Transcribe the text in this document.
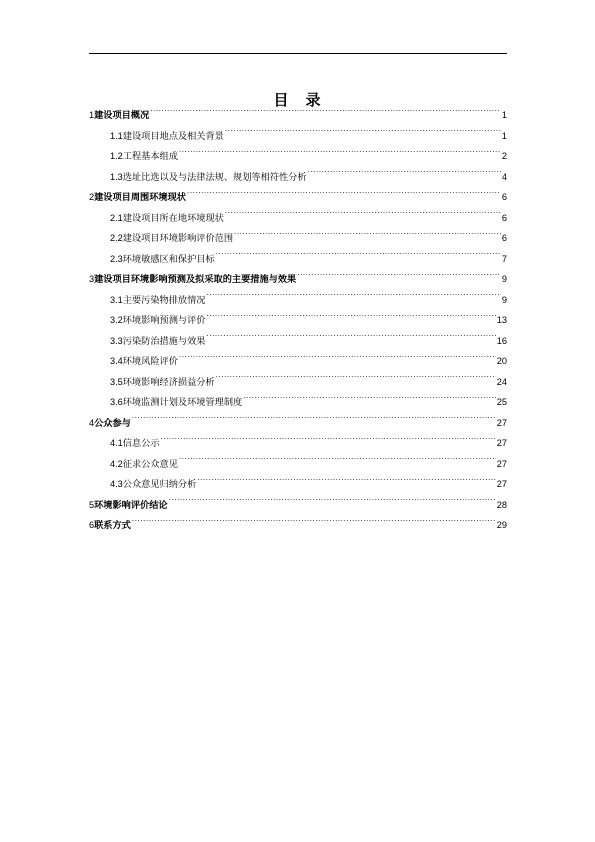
目　录
1 建设项目概况 .....	1
1.1 建设项目地点及相关背景 .....	1
1.2 工程基本组成 .....	2
1.3 选址比选以及与法律法规、规划等相符性分析 .....	4
2 建设项目周围环境现状 .....	6
2.1 建设项目所在地环境现状 .....	6
2.2 建设项目环境影响评价范围 .....	6
2.3 环境敏感区和保护目标 .....	7
3 建设项目环境影响预测及拟采取的主要措施与效果 .....	9
3.1 主要污染物排放情况 .....	9
3.2 环境影响预测与评价 .....	13
3.3 污染防治措施与效果 .....	16
3.4 环境风险评价 .....	20
3.5 环境影响经济损益分析 .....	24
3.6 环境监测计划及环境管理制度 .....	25
4 公众参与 .....	27
4.1 信息公示 .....	27
4.2 征求公众意见 .....	27
4.3 公众意见归纳分析 .....	27
5 环境影响评价结论 .....	28
6 联系方式 .....	29
